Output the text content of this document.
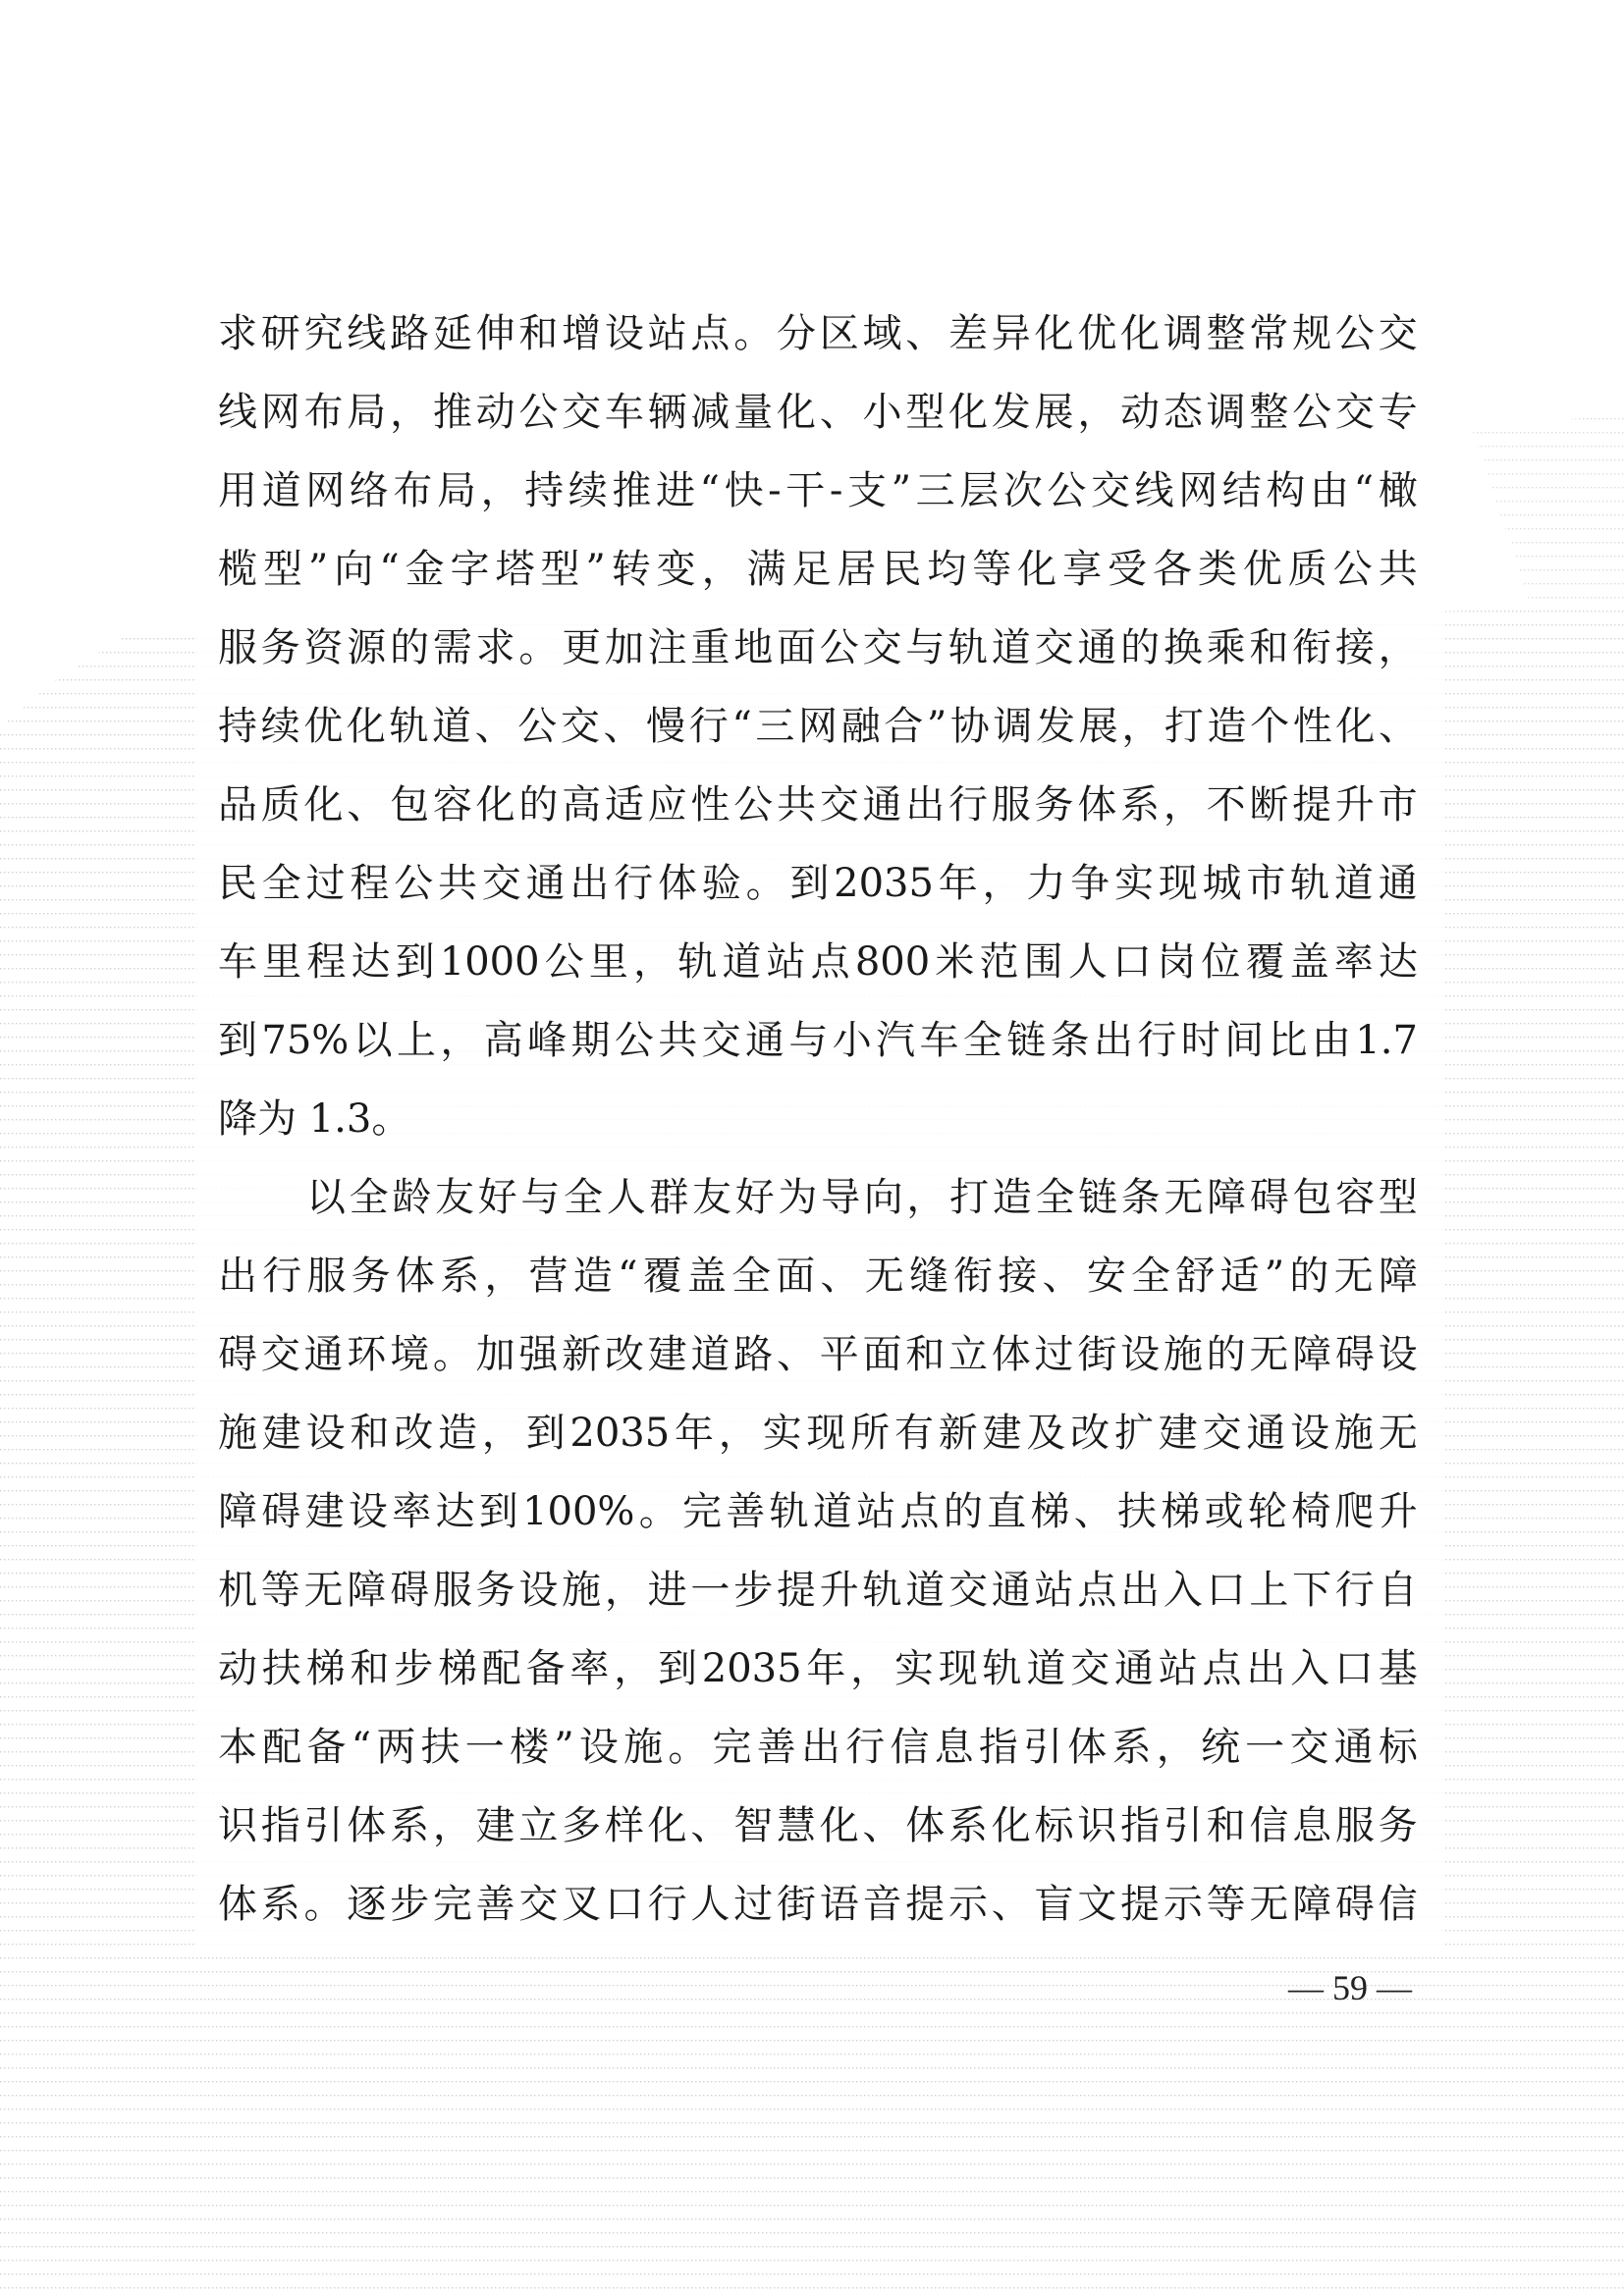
求 研 究 线 路 延 伸 和 增 设 站 点 。 分 区 域 、 差 异 化 优 化 调 整 常 规 公 交
线 网 布 局 ， 推 动 公 交 车 辆 减 量 化 、 小 型 化 发 展 ， 动 态 调 整 公 交 专
用 道 网 络 布 局 ， 持 续 推 进 “ 快 - 干 - 支 ” 三 层 次 公 交 线 网 结 构 由 “ 橄
榄 型 ” 向 “ 金 字 塔 型 ” 转 变 ， 满 足 居 民 均 等 化 享 受 各 类 优 质 公 共
服 务 资 源 的 需 求 。 更 加 注 重 地 面 公 交 与 轨 道 交 通 的 换 乘 和 衔 接 ，
持 续 优 化 轨 道 、 公 交 、 慢 行 “ 三 网 融 合 ” 协 调 发 展 ， 打 造 个 性 化 、
品 质 化 、 包 容 化 的 高 适 应 性 公 共 交 通 出 行 服 务 体 系 ， 不 断 提 升 市
民 全 过 程 公 共 交 通 出 行 体 验 。 到 2035 年 ， 力 争 实 现 城 市 轨 道 通
车 里 程 达 到 1000 公 里 ， 轨 道 站 点 800 米 范 围 人 口 岗 位 覆 盖 率 达
到 75% 以 上 ， 高 峰 期 公 共 交 通 与 小 汽 车 全 链 条 出 行 时 间 比 由 1.7
降为 1.3。
以 全 龄 友 好 与 全 人 群 友 好 为 导 向 ， 打 造 全 链 条 无 障 碍 包 容 型
出 行 服 务 体 系 ， 营 造 “ 覆 盖 全 面 、 无 缝 衔 接 、 安 全 舒 适 ” 的 无 障
碍 交 通 环 境 。 加 强 新 改 建 道 路 、 平 面 和 立 体 过 街 设 施 的 无 障 碍 设
施 建 设 和 改 造 ， 到 2035 年 ， 实 现 所 有 新 建 及 改 扩 建 交 通 设 施 无
障 碍 建 设 率 达 到 100% 。 完 善 轨 道 站 点 的 直 梯 、 扶 梯 或 轮 椅 爬 升
机 等 无 障 碍 服 务 设 施 ， 进 一 步 提 升 轨 道 交 通 站 点 出 入 口 上 下 行 自
动 扶 梯 和 步 梯 配 备 率 ， 到 2035 年 ， 实 现 轨 道 交 通 站 点 出 入 口 基
本 配 备 “ 两 扶 一 楼 ” 设 施 。 完 善 出 行 信 息 指 引 体 系 ， 统 一 交 通 标
识 指 引 体 系 ， 建 立 多 样 化 、 智 慧 化 、 体 系 化 标 识 指 引 和 信 息 服 务
体 系 。 逐 步 完 善 交 叉 口 行 人 过 街 语 音 提 示 、 盲 文 提 示 等 无 障 碍 信
— 59 —
